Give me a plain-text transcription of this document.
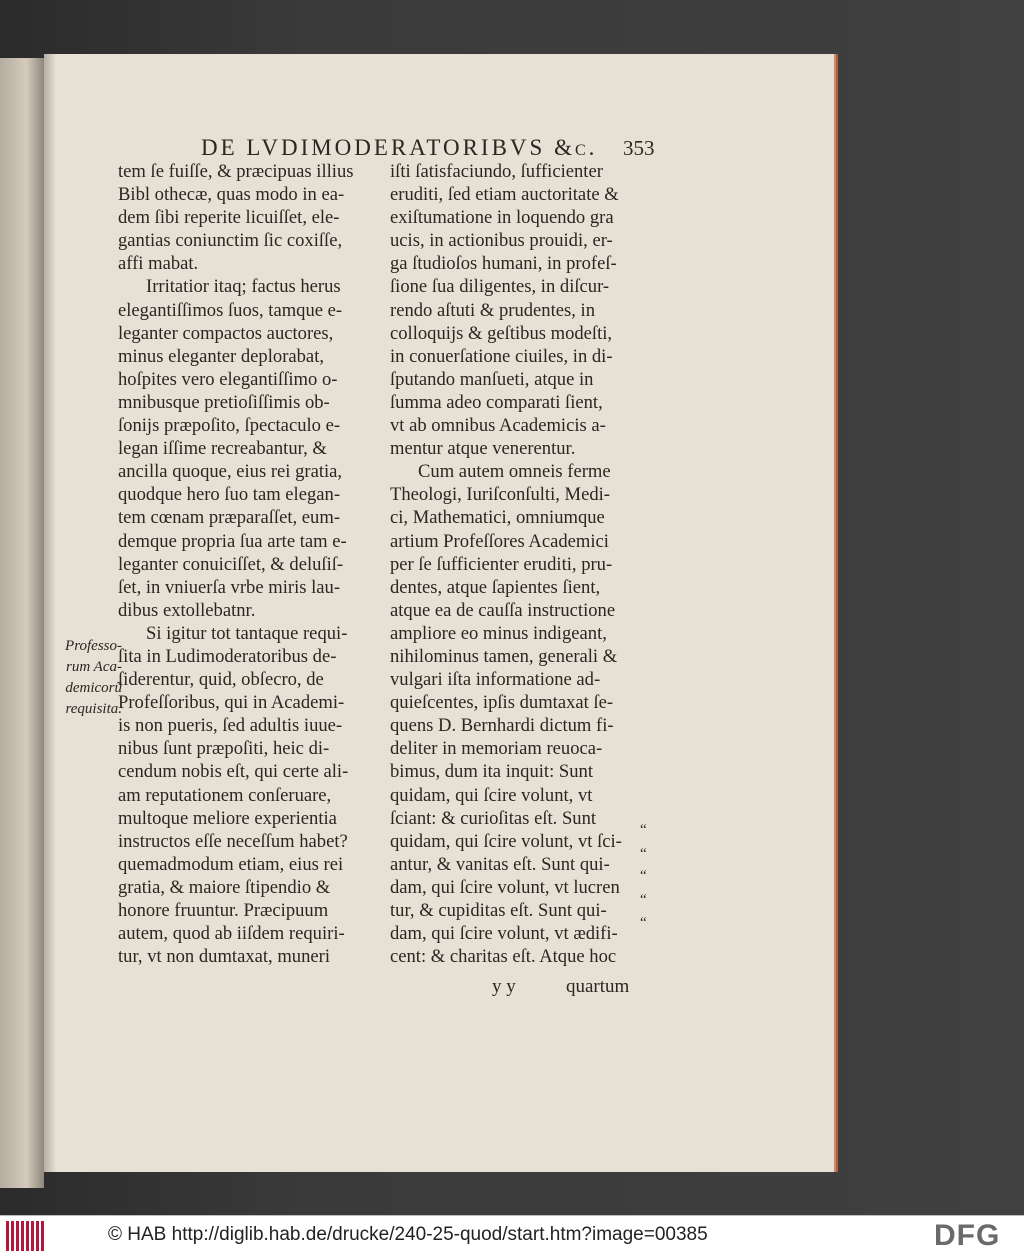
DE LVDIMODERATORIBVS &c.	353
Professo-
rum Aca-
demicorũ
requisita.
tem ſe fuiſſe, & præcipuas illius
Bibl othecæ, quas modo in ea-
dem ſibi reperite licuiſſet, ele-
gantias coniunctim ſic coxiſſe,
affi mabat.
Irritatior itaq; factus herus
elegantiſſimos ſuos, tamque e-
leganter compactos auctores,
minus eleganter deplorabat,
hoſpites vero elegantiſſimo o-
mnibusque pretioſiſſimis ob-
ſonijs præpoſito, ſpectaculo e-
legan iſſime recreabantur, &
ancilla quoque, eius rei gratia,
quodque hero ſuo tam elegan-
tem cœnam præparaſſet, eum-
demque propria ſua arte tam e-
leganter conuiciſſet, & deluſiſ-
ſet, in vniuerſa vrbe miris lau-
dibus extollebatnr.
Si igitur tot tantaque requi-
ſita in Ludimoderatoribus de-
ſiderentur, quid, obſecro, de
Profeſſoribus, qui in Academi-
is non pueris, ſed adultis iuue-
nibus ſunt præpoſiti, heic di-
cendum nobis eſt, qui certe ali-
am reputationem conſeruare,
multoque meliore experientia
instructos eſſe neceſſum habet?
quemadmodum etiam, eius rei
gratia, & maiore ſtipendio &
honore fruuntur. Præcipuum
autem, quod ab iiſdem requiri-
tur, vt non dumtaxat, muneri
iſti ſatisfaciundo, ſufficienter
eruditi, ſed etiam auctoritate &
exiſtumatione in loquendo gra
ucis, in actionibus prouidi, er-
ga ſtudioſos humani, in profeſ-
ſione ſua diligentes, in diſcur-
rendo aſtuti & prudentes, in
colloquijs & geſtibus modeſti,
in conuerſatione ciuiles, in di-
ſputando manſueti, atque in
ſumma adeo comparati ſient,
vt ab omnibus Academicis a-
mentur atque venerentur.
Cum autem omneis ferme
Theologi, Iuriſconſulti, Medi-
ci, Mathematici, omniumque
artium Profeſſores Academici
per ſe ſufficienter eruditi, pru-
dentes, atque ſapientes ſient,
atque ea de cauſſa instructione
ampliore eo minus indigeant,
nihilominus tamen, generali &
vulgari iſta informatione ad-
quieſcentes, ipſis dumtaxat ſe-
quens D. Bernhardi dictum fi-
deliter in memoriam reuoca-
bimus, dum ita inquit: Sunt
quidam, qui ſcire volunt, vt
ſciant: & curioſitas eſt. Sunt
quidam, qui ſcire volunt, vt ſci-
antur, & vanitas eſt. Sunt qui-
dam, qui ſcire volunt, vt lucren
tur, & cupiditas eſt. Sunt qui-
dam, qui ſcire volunt, vt ædifi-
cent: & charitas eſt. Atque hoc
“
“
“
“
“
y y	quartum
© HAB http://diglib.hab.de/drucke/240-25-quod/start.htm?image=00385	DFG
